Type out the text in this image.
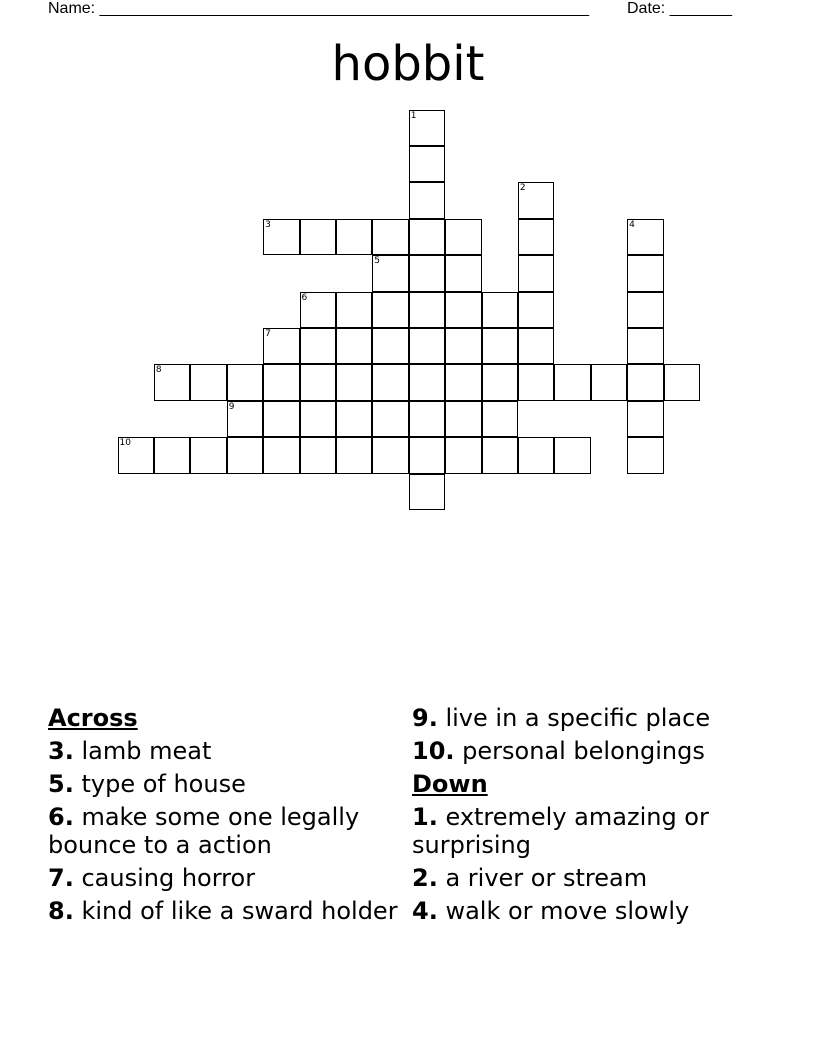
Name: _______________________________________________________ Date: _______
hobbit
1
2
3	4
5
6
7
8
9
10
Across
3. lamb meat
5. type of house
6. make some one legally bounce to a action
7. causing horror
8. kind of like a sward holder
9. live in a specific place
10. personal belongings
Down
1. extremely amazing or surprising
2. a river or stream
4. walk or move slowly
